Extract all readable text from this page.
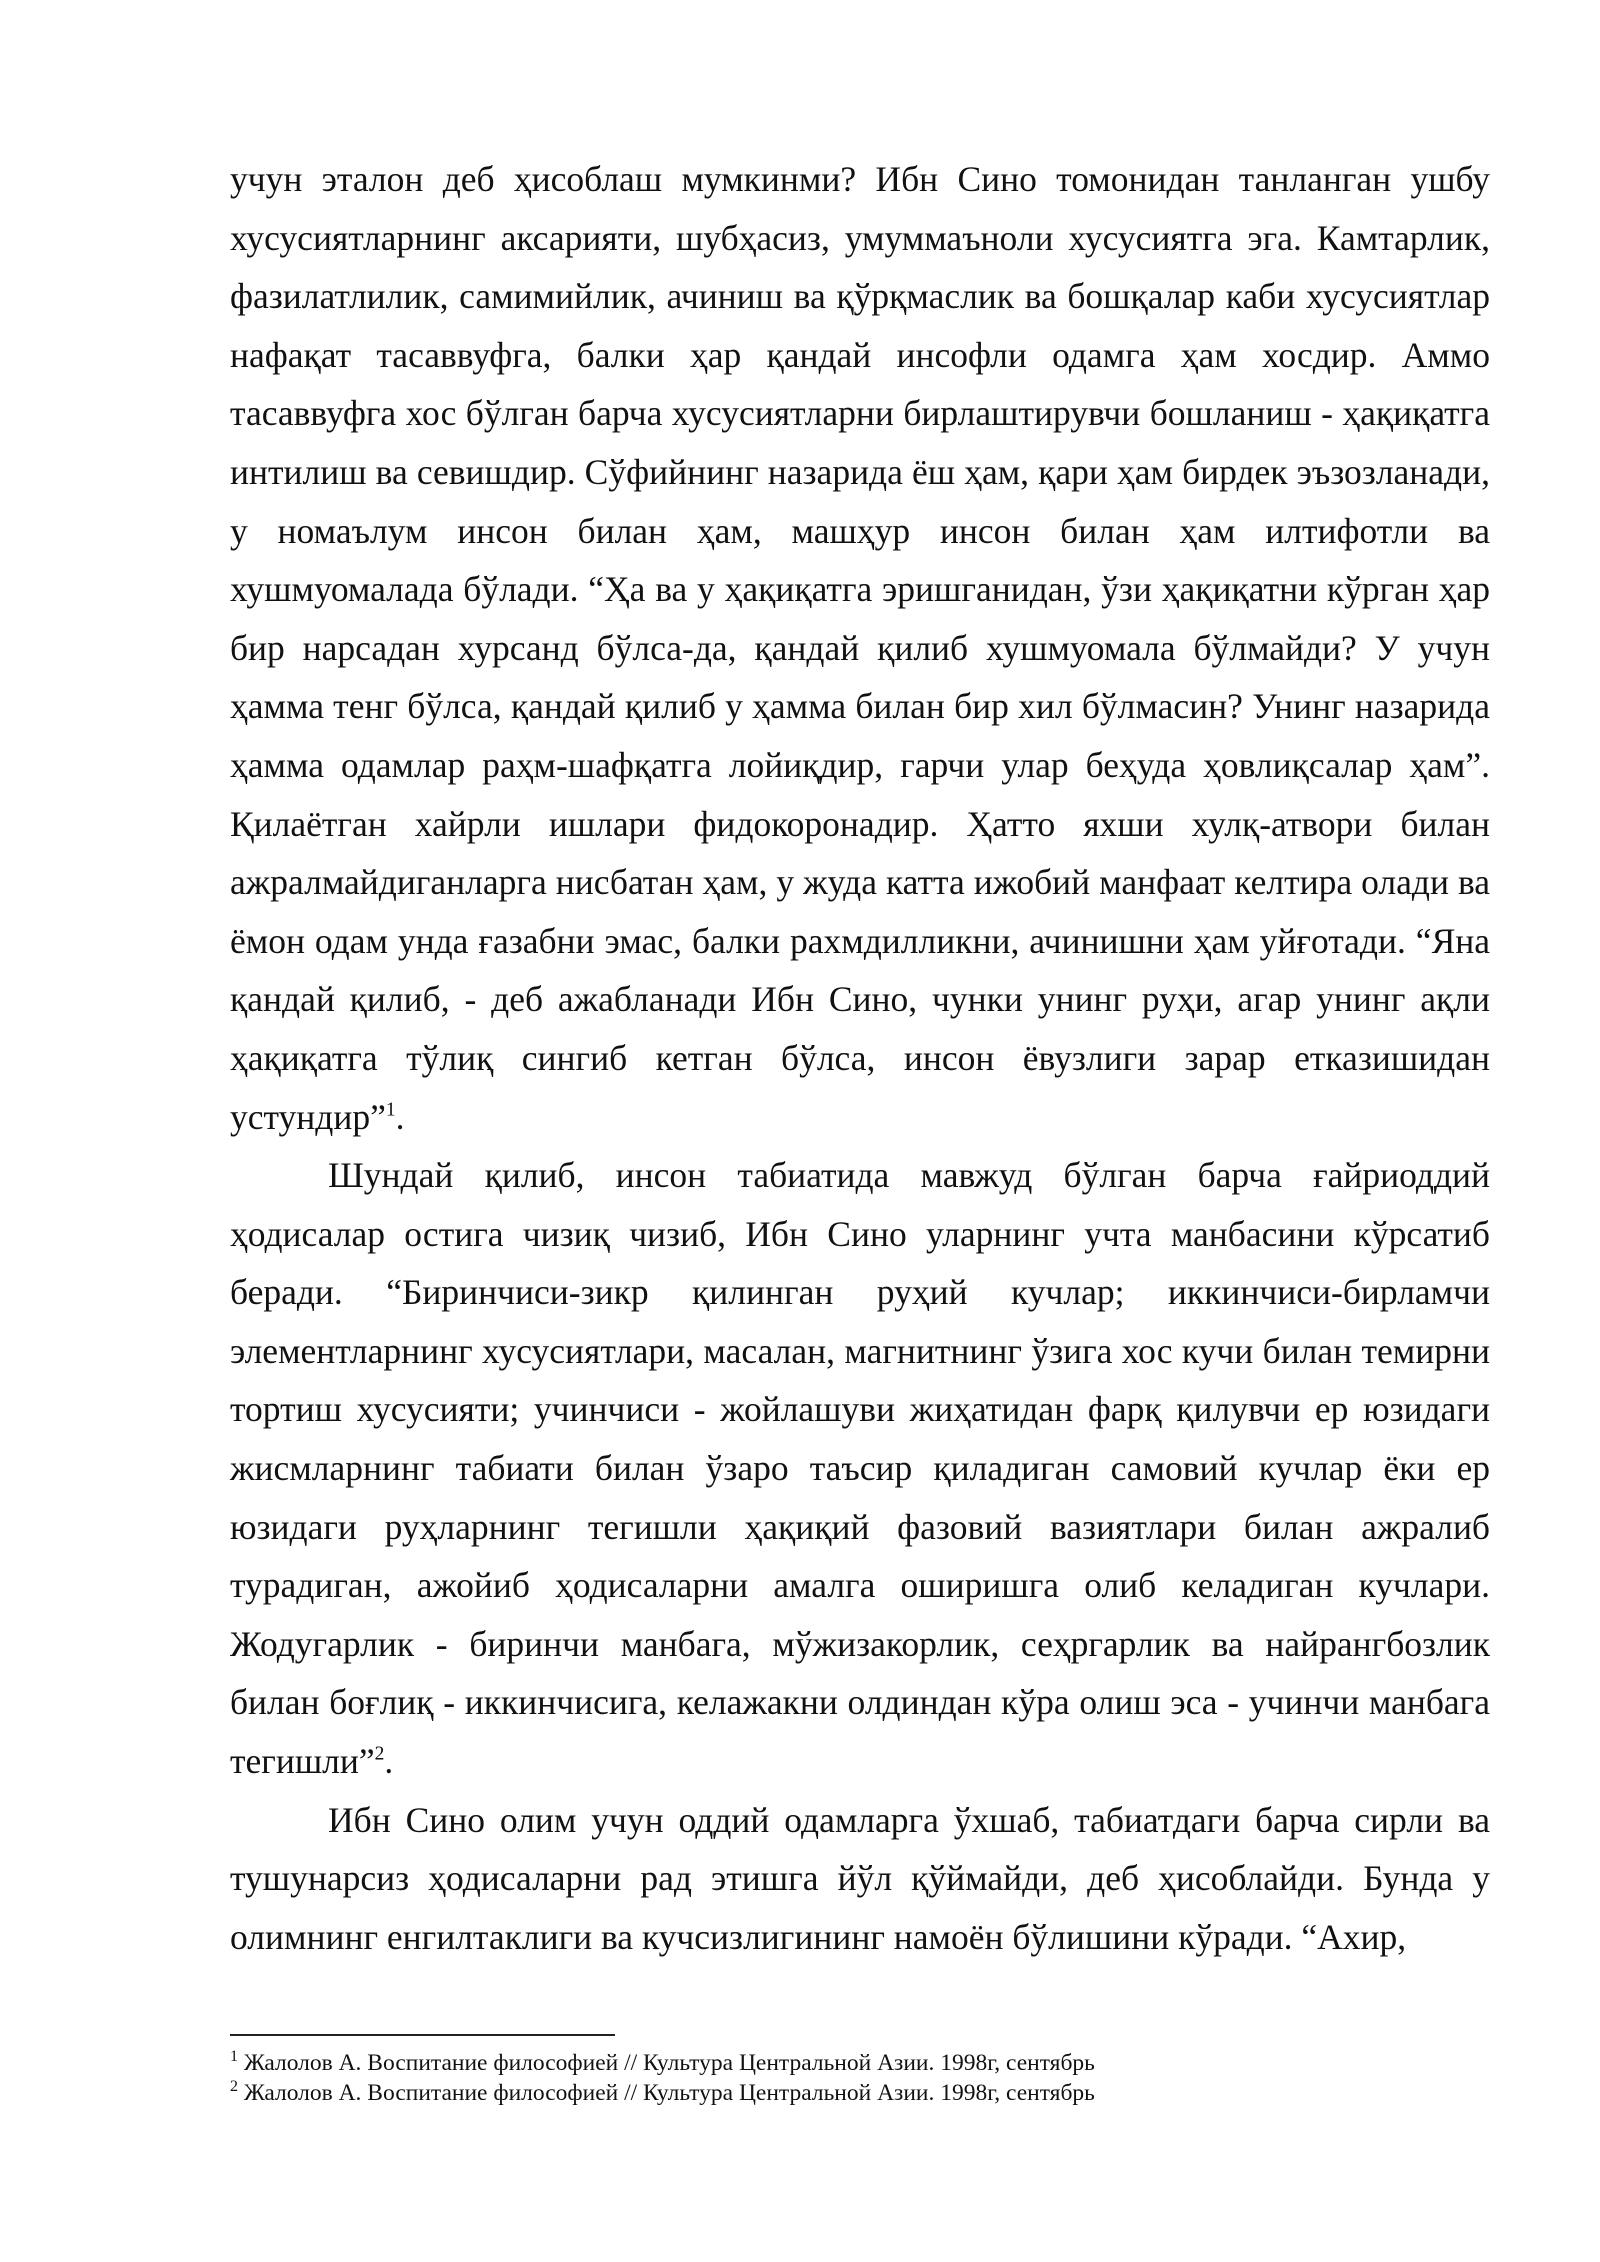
учун эталон деб ҳисоблаш мумкинми? Ибн Сино томонидан танланган ушбу хусусиятларнинг аксарияти, шубҳасиз, умуммаъноли хусусиятга эга. Камтарлик, фазилатлилик, самимийлик, ачиниш ва қўрқмаслик ва бошқалар каби хусусиятлар нафақат тасаввуфга, балки ҳар қандай инсофли одамга ҳам хосдир. Аммо тасаввуфга хос бўлган барча хусусиятларни бирлаштирувчи бошланиш - ҳақиқатга интилиш ва севишдир. Сўфийнинг назарида ёш ҳам, қари ҳам бирдек эъзозланади, у номаълум инсон билан ҳам, машҳур инсон билан ҳам илтифотли ва хушмуомалада бўлади. “Ҳа ва у ҳақиқатга эришганидан, ўзи ҳақиқатни кўрган ҳар бир нарсадан хурсанд бўлса-да, қандай қилиб хушмуомала бўлмайди? У учун ҳамма тенг бўлса, қандай қилиб у ҳамма билан бир хил бўлмасин? Унинг назарида ҳамма одамлар раҳм-шафқатга лойиқдир, гарчи улар беҳуда ҳовлиқсалар ҳам”. Қилаётган хайрли ишлари фидокоронадир. Ҳатто яхши хулқ-атвори билан ажралмайдиганларга нисбатан ҳам, у жуда катта ижобий манфаат келтира олади ва ёмон одам унда ғазабни эмас, балки рахмдилликни, ачинишни ҳам уйғотади. “Яна қандай қилиб, - деб ажабланади Ибн Сино, чунки унинг руҳи, агар унинг ақли ҳақиқатга тўлиқ сингиб кетган бўлса, инсон ёвузлиги зарар етказишидан устундир”$^1$.

Шундай қилиб, инсон табиатида мавжуд бўлган барча ғайриоддий ҳодисалар остига чизиқ чизиб, Ибн Сино уларнинг учта манбасини кўрсатиб беради. “Биринчиси-зикр қилинган руҳий кучлар; иккинчиси-бирламчи элементларнинг хусусиятлари, масалан, магнитнинг ўзига хос кучи билан темирни тортиш хусусияти; учинчиси - жойлашуви жиҳатидан фарқ қилувчи ер юзидаги жисмларнинг табиати билан ўзаро таъсир қиладиган самовий кучлар ёки ер юзидаги руҳларнинг тегишли ҳақиқий фазовий вазиятлари билан ажралиб турадиган, ажойиб ҳодисаларни амалга оширишга олиб келадиган кучлари. Жодугарлик - биринчи манбага, мўжизакорлик, сеҳргарлик ва найрангбозлик билан боғлиқ - иккинчисига, келажакни олдиндан кўра олиш эса - учинчи манбага тегишли”$^2$.

Ибн Сино олим учун оддий одамларга ўхшаб, табиатдаги барча сирли ва тушунарсиз ҳодисаларни рад этишга йўл қўймайди, деб ҳисоблайди. Бунда у олимнинг енгилтаклиги ва кучсизлигининг намоён бўлишини кўради. “Ахир,

$^1$ Жалолов А. Воспитание философией // Культура Центральной Азии. 1998г, сентябрь

$^2$ Жалолов А. Воспитание философией // Культура Центральной Азии. 1998г, сентябрь
